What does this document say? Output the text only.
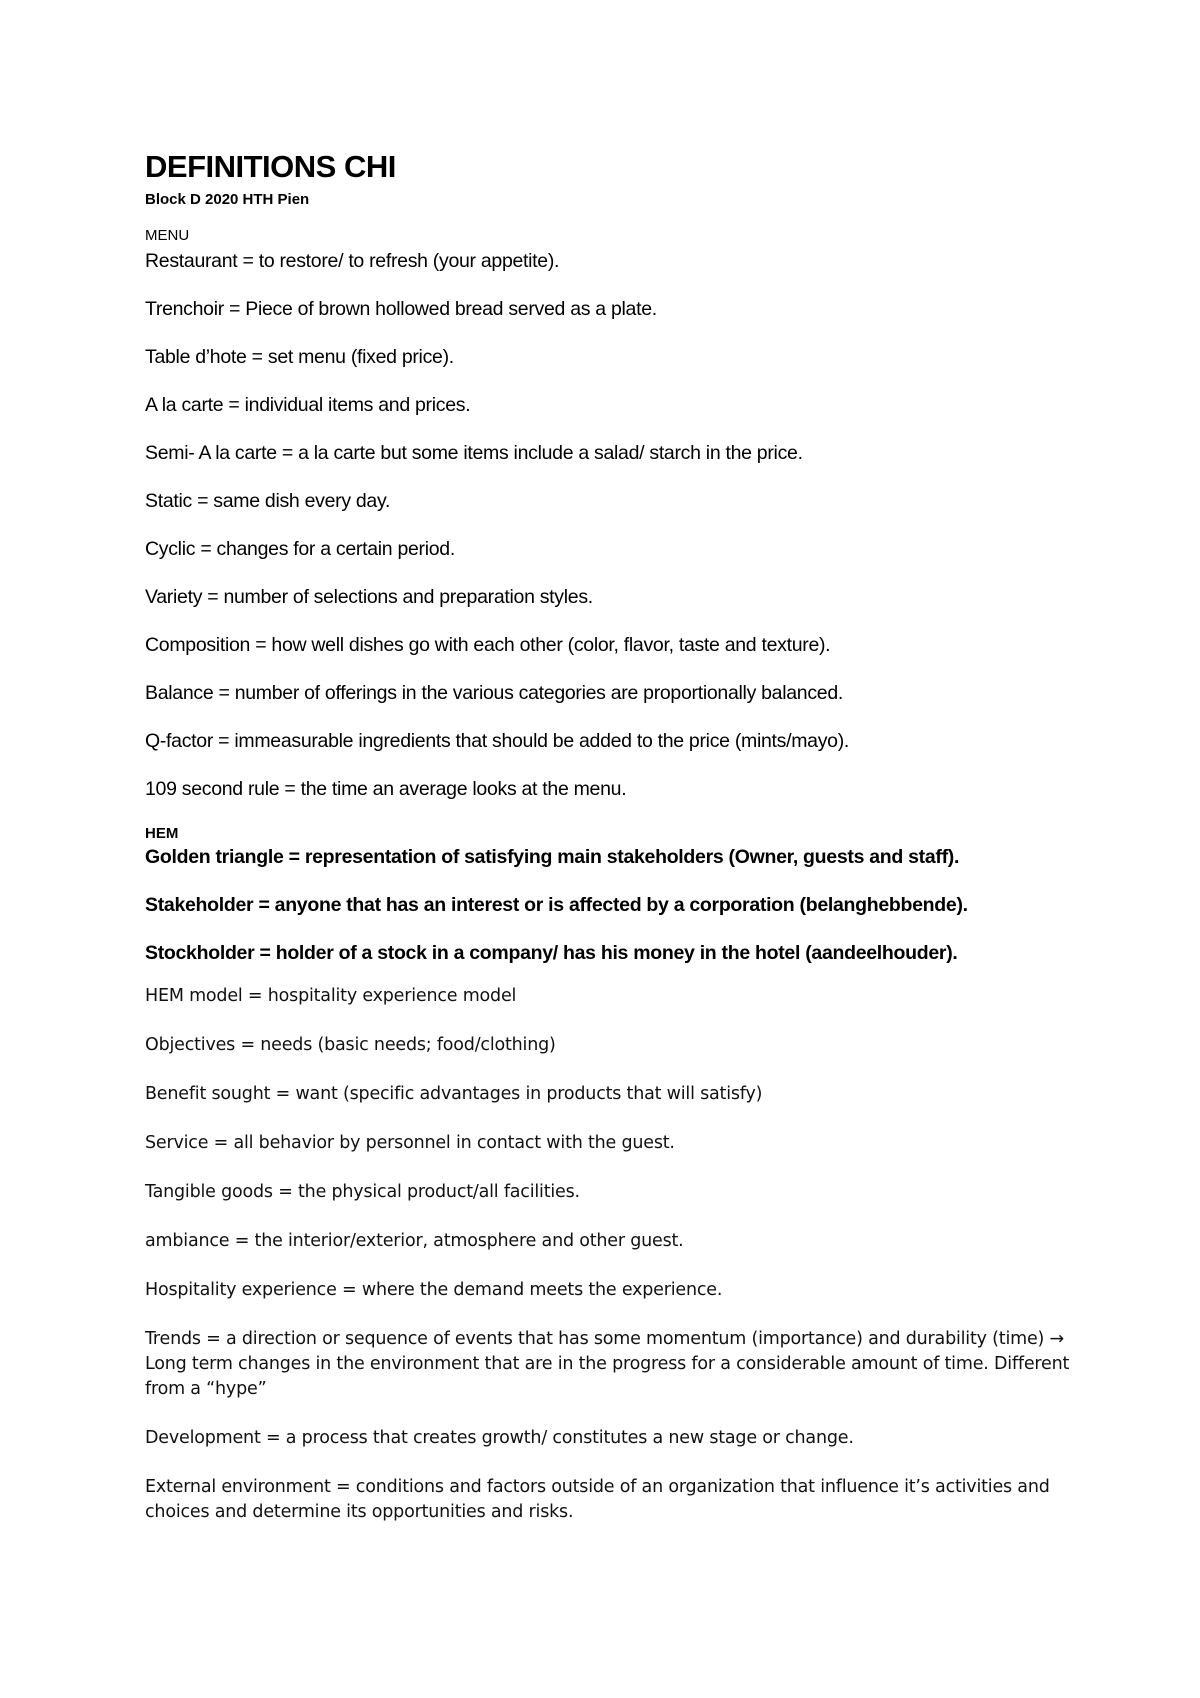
DEFINITIONS CHI
Block D 2020 HTH Pien
MENU

Restaurant = to restore/ to refresh (your appetite).

Trenchoir = Piece of brown hollowed bread served as a plate.

Table d’hote = set menu (fixed price).

A la carte = individual items and prices.

Semi- A la carte = a la carte but some items include a salad/ starch in the price.

Static = same dish every day.

Cyclic = changes for a certain period.

Variety = number of selections and preparation styles.

Composition = how well dishes go with each other (color, flavor, taste and texture).

Balance = number of offerings in the various categories are proportionally balanced.

Q-factor = immeasurable ingredients that should be added to the price (mints/mayo).

109 second rule = the time an average looks at the menu.

HEM

Golden triangle = representation of satisfying main stakeholders (Owner, guests and staff).

Stakeholder = anyone that has an interest or is affected by a corporation (belanghebbende).

Stockholder = holder of a stock in a company/ has his money in the hotel (aandeelhouder).

HEM model = hospitality experience model

Objectives = needs (basic needs; food/clothing)

Benefit sought = want (specific advantages in products that will satisfy)

Service = all behavior by personnel in contact with the guest.

Tangible goods = the physical product/all facilities.

ambiance = the interior/exterior, atmosphere and other guest.

Hospitality experience = where the demand meets the experience.

Trends = a direction or sequence of events that has some momentum (importance) and durability (time) → Long term changes in the environment that are in the progress for a considerable amount of time. Different from a “hype”

Development = a process that creates growth/ constitutes a new stage or change.

External environment = conditions and factors outside of an organization that influence it’s activities and choices and determine its opportunities and risks.
